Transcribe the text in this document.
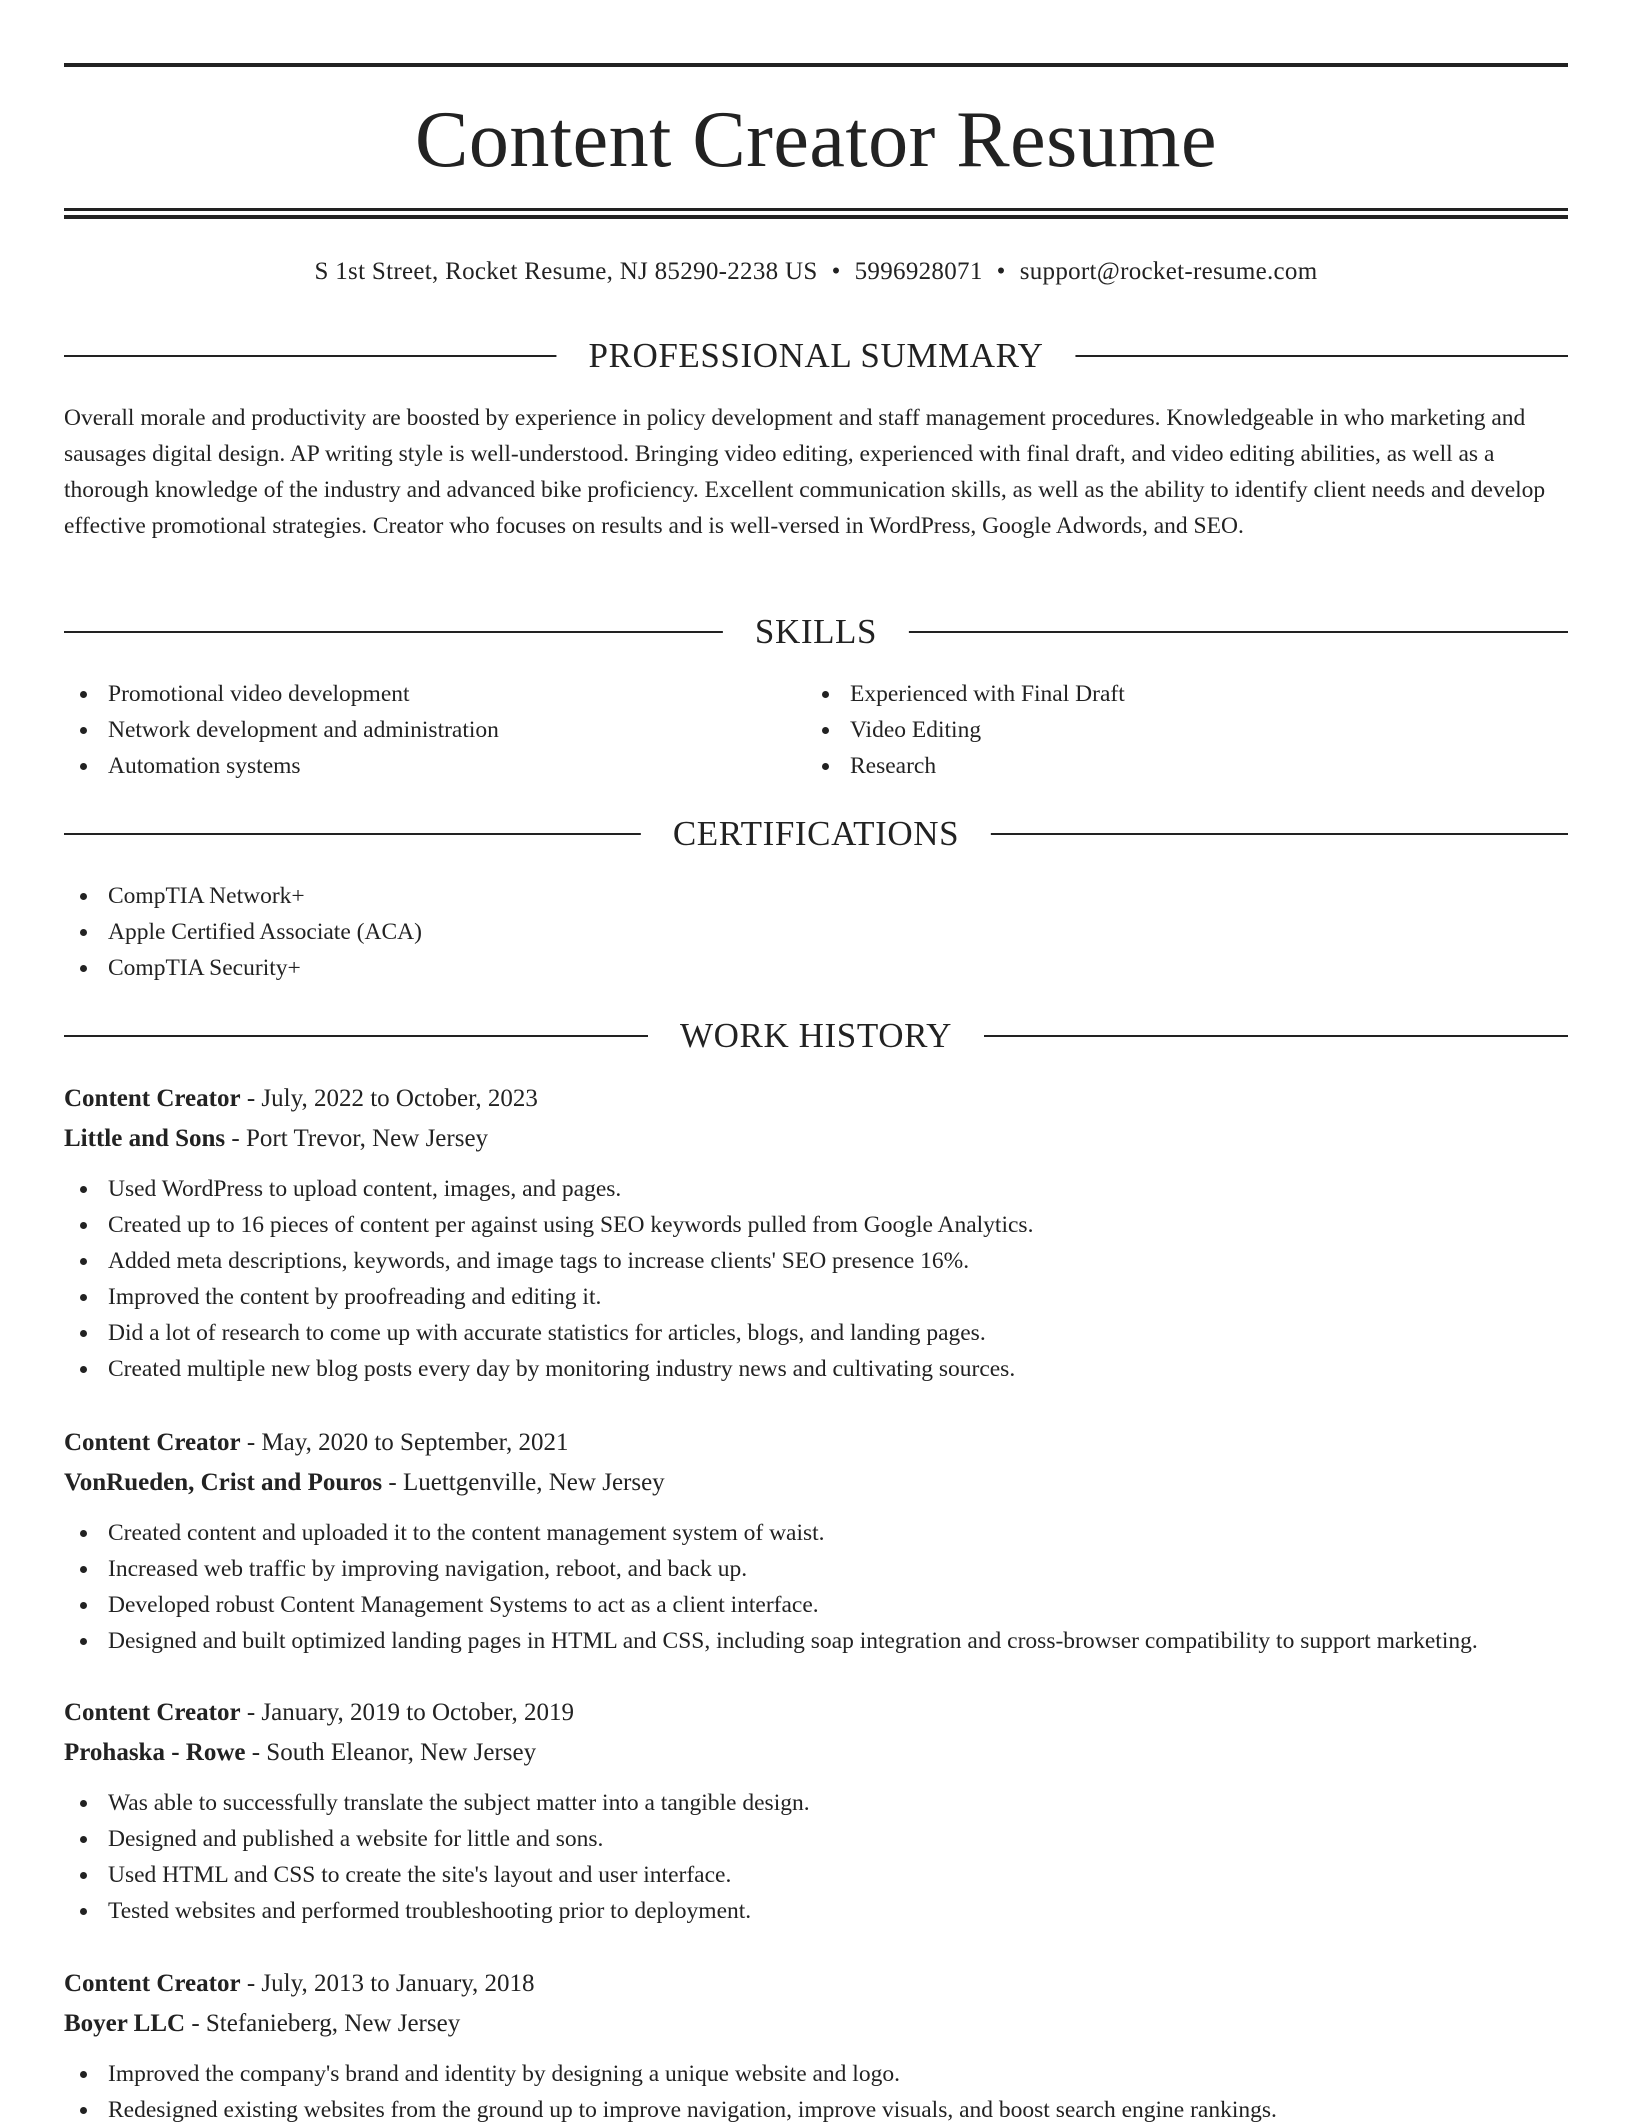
Content Creator Resume
S 1st Street, Rocket Resume, NJ 85290-2238 US • 5996928071 • support@rocket-resume.com
PROFESSIONAL SUMMARY

Overall morale and productivity are boosted by experience in policy development and staff management procedures. Knowledgeable in who marketing and sausages digital design. AP writing style is well-understood. Bringing video editing, experienced with final draft, and video editing abilities, as well as a thorough knowledge of the industry and advanced bike proficiency. Excellent communication skills, as well as the ability to identify client needs and develop effective promotional strategies. Creator who focuses on results and is well-versed in WordPress, Google Adwords, and SEO.

SKILLS
Promotional video development
Network development and administration
Automation systems
Experienced with Final Draft
Video Editing
Research
CERTIFICATIONS
CompTIA Network+
Apple Certified Associate (ACA)
CompTIA Security+
WORK HISTORY
Content Creator - July, 2022 to October, 2023
Little and Sons - Port Trevor, New Jersey
Used WordPress to upload content, images, and pages.
Created up to 16 pieces of content per against using SEO keywords pulled from Google Analytics.
Added meta descriptions, keywords, and image tags to increase clients' SEO presence 16%.
Improved the content by proofreading and editing it.
Did a lot of research to come up with accurate statistics for articles, blogs, and landing pages.
Created multiple new blog posts every day by monitoring industry news and cultivating sources.
Content Creator - May, 2020 to September, 2021
VonRueden, Crist and Pouros - Luettgenville, New Jersey
Created content and uploaded it to the content management system of waist.
Increased web traffic by improving navigation, reboot, and back up.
Developed robust Content Management Systems to act as a client interface.
Designed and built optimized landing pages in HTML and CSS, including soap integration and cross-browser compatibility to support marketing.
Content Creator - January, 2019 to October, 2019
Prohaska - Rowe - South Eleanor, New Jersey
Was able to successfully translate the subject matter into a tangible design.
Designed and published a website for little and sons.
Used HTML and CSS to create the site's layout and user interface.
Tested websites and performed troubleshooting prior to deployment.
Content Creator - July, 2013 to January, 2018
Boyer LLC - Stefanieberg, New Jersey
Improved the company's brand and identity by designing a unique website and logo.
Redesigned existing websites from the ground up to improve navigation, improve visuals, and boost search engine rankings.
